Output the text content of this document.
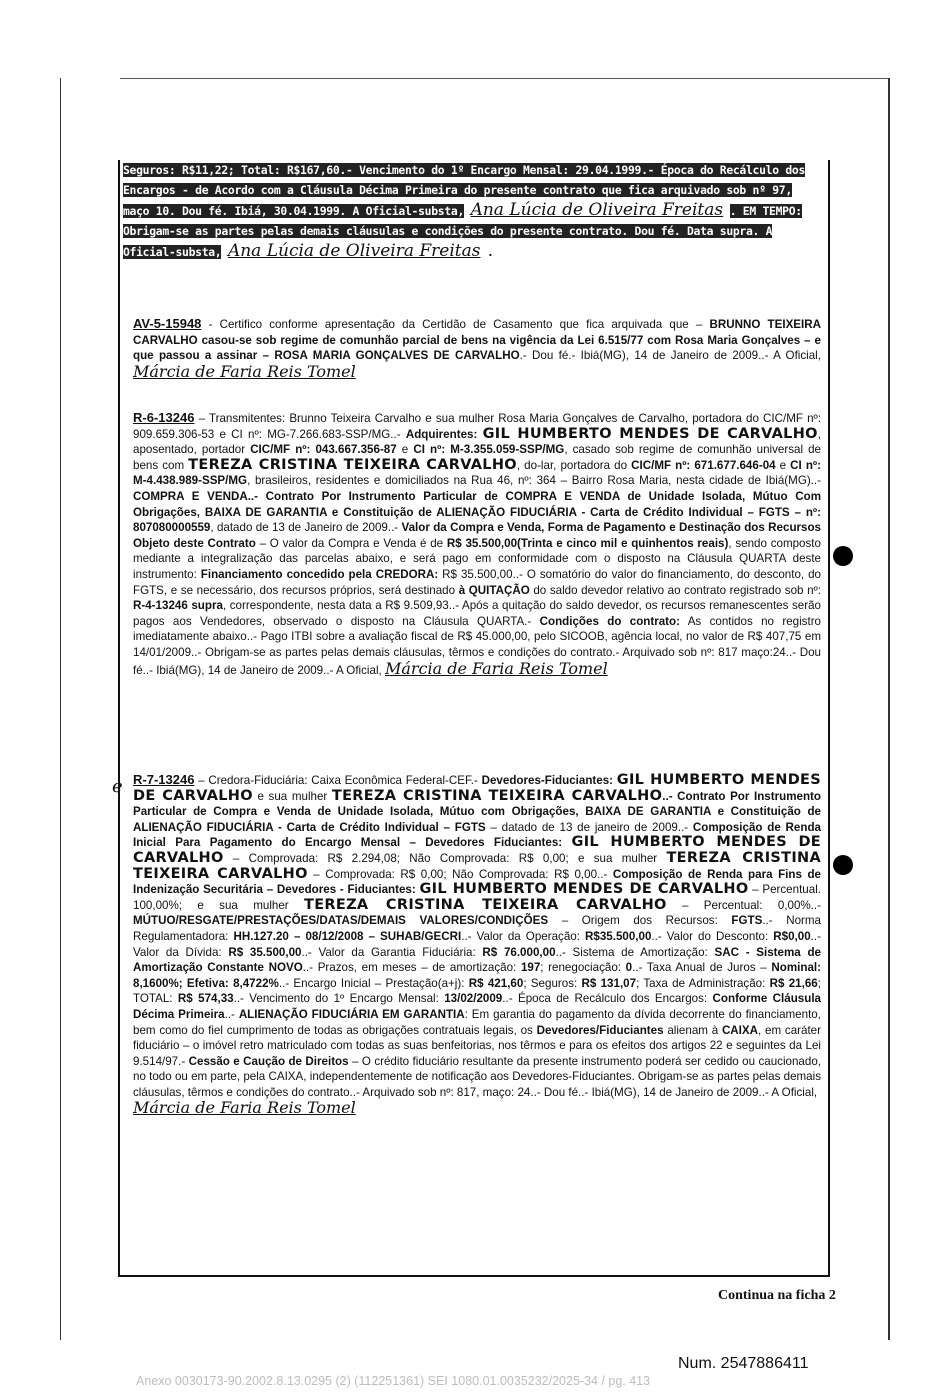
Seguros: R$11,22; Total: R$167,60.- Vencimento do 1º Encargo Mensal: 29.04.1999.- Época do Recálculo dos Encargos - de Acordo com a Cláusula Décima Primeira do presente contrato que fica arquivado sob nº 97, maço 10. Dou fé. Ibiá, 30.04.1999. A Oficial-substa, Ana Lúcia de Oliveira Freitas . EM TEMPO: Obrigam-se as partes pelas demais cláusulas e condições do presente contrato. Dou fé. Data supra. A Oficial-substa, Ana Lúcia de Oliveira Freitas .
AV-5-15948 - Certifico conforme apresentação da Certidão de Casamento que fica arquivada que – BRUNNO TEIXEIRA CARVALHO casou-se sob regime de comunhão parcial de bens na vigência da Lei 6.515/77 com Rosa Maria Gonçalves – e que passou a assinar – ROSA MARIA GONÇALVES DE CARVALHO.- Dou fé.- Ibiá(MG), 14 de Janeiro de 2009..- A Oficial, Márcia de Faria Reis Tomel
R-6-13246 – Transmitentes: Brunno Teixeira Carvalho e sua mulher Rosa Maria Gonçalves de Carvalho, portadora do CIC/MF nº: 909.659.306-53 e CI nº: MG-7.266.683-SSP/MG..- Adquirentes: GIL HUMBERTO MENDES DE CARVALHO, aposentado, portador CIC/MF nº: 043.667.356-87 e CI nº: M-3.355.059-SSP/MG, casado sob regime de comunhão universal de bens com TEREZA CRISTINA TEIXEIRA CARVALHO, do-lar, portadora do CIC/MF nº: 671.677.646-04 e CI nº: M-4.438.989-SSP/MG, brasileiros, residentes e domiciliados na Rua 46, nº: 364 – Bairro Rosa Maria, nesta cidade de Ibiá(MG)..- COMPRA E VENDA..- Contrato Por Instrumento Particular de COMPRA E VENDA de Unidade Isolada, Mútuo Com Obrigações, BAIXA DE GARANTIA e Constituição de ALIENAÇÃO FIDUCIÁRIA - Carta de Crédito Individual – FGTS – nº: 807080000559, datado de 13 de Janeiro de 2009..- Valor da Compra e Venda, Forma de Pagamento e Destinação dos Recursos Objeto deste Contrato – O valor da Compra e Venda é de R$ 35.500,00(Trinta e cinco mil e quinhentos reais), sendo composto mediante a integralização das parcelas abaixo, e será pago em conformidade com o disposto na Cláusula QUARTA deste instrumento: Financiamento concedido pela CREDORA: R$ 35.500,00..- O somatório do valor do financiamento, do desconto, do FGTS, e se necessário, dos recursos próprios, será destinado à QUITAÇÃO do saldo devedor relativo ao contrato registrado sob nº: R-4-13246 supra, correspondente, nesta data a R$ 9.509,93..- Após a quitação do saldo devedor, os recursos remanescentes serão pagos aos Vendedores, observado o disposto na Cláusula QUARTA.- Condições do contrato: As contidos no registro imediatamente abaixo..- Pago ITBI sobre a avaliação fiscal de R$ 45.000,00, pelo SICOOB, agência local, no valor de R$ 407,75 em 14/01/2009..- Obrigam-se as partes pelas demais cláusulas, têrmos e condições do contrato.- Arquivado sob nº: 817 maço:24..- Dou fé..- Ibiá(MG), 14 de Janeiro de 2009..- A Oficial, Márcia de Faria Reis Tomel
e R-7-13246 – Credora-Fiduciária: Caixa Econômica Federal-CEF.- Devedores-Fiduciantes: GIL HUMBERTO MENDES DE CARVALHO e sua mulher TEREZA CRISTINA TEIXEIRA CARVALHO..- Contrato Por Instrumento Particular de Compra e Venda de Unidade Isolada, Mútuo com Obrigações, BAIXA DE GARANTIA e Constituição de ALIENAÇÃO FIDUCIÁRIA - Carta de Crédito Individual – FGTS – datado de 13 de janeiro de 2009..- Composição de Renda Inicial Para Pagamento do Encargo Mensal – Devedores Fiduciantes: GIL HUMBERTO MENDES DE CARVALHO – Comprovada: R$ 2.294,08; Não Comprovada: R$ 0,00; e sua mulher TEREZA CRISTINA TEIXEIRA CARVALHO – Comprovada: R$ 0,00; Não Comprovada: R$ 0,00..- Composição de Renda para Fins de Indenização Securitária – Devedores - Fiduciantes: GIL HUMBERTO MENDES DE CARVALHO – Percentual. 100,00%; e sua mulher TEREZA CRISTINA TEIXEIRA CARVALHO – Percentual: 0,00%..- MÚTUO/RESGATE/PRESTAÇÕES/DATAS/DEMAIS VALORES/CONDIÇÕES – Origem dos Recursos: FGTS..- Norma Regulamentadora: HH.127.20 – 08/12/2008 – SUHAB/GECRI..- Valor da Operação: R$35.500,00..- Valor do Desconto: R$0,00..- Valor da Dívida: R$ 35.500,00..- Valor da Garantia Fiduciária: R$ 76.000,00..- Sistema de Amortização: SAC - Sistema de Amortização Constante NOVO..- Prazos, em meses – de amortização: 197; renegociação: 0..- Taxa Anual de Juros – Nominal: 8,1600%; Efetiva: 8,4722%..- Encargo Inicial – Prestação(a+j): R$ 421,60; Seguros: R$ 131,07; Taxa de Administração: R$ 21,66; TOTAL: R$ 574,33..- Vencimento do 1º Encargo Mensal: 13/02/2009..- Época de Recálculo dos Encargos: Conforme Cláusula Décima Primeira..- ALIENAÇÃO FIDUCIÁRIA EM GARANTIA: Em garantia do pagamento da dívida decorrente do financiamento, bem como do fiel cumprimento de todas as obrigações contratuais legais, os Devedores/Fiduciantes alienam à CAIXA, em caráter fiduciário – o imóvel retro matriculado com todas as suas benfeitorias, nos têrmos e para os efeitos dos artigos 22 e seguintes da Lei 9.514/97.- Cessão e Caução de Direitos – O crédito fiduciário resultante da presente instrumento poderá ser cedido ou caucionado, no todo ou em parte, pela CAIXA, independentemente de notificação aos Devedores-Fiduciantes. Obrigam-se as partes pelas demais cláusulas, têrmos e condições do contrato..- Arquivado sob nº: 817, maço: 24..- Dou fé..- Ibiá(MG), 14 de Janeiro de 2009..- A Oficial,
Márcia de Faria Reis Tomel
Continua na ficha 2
Num. 2547886411
Anexo 0030173-90.2002.8.13.0295 (2) (112251361) SEI 1080.01.0035232/2025-34 / pg. 413
